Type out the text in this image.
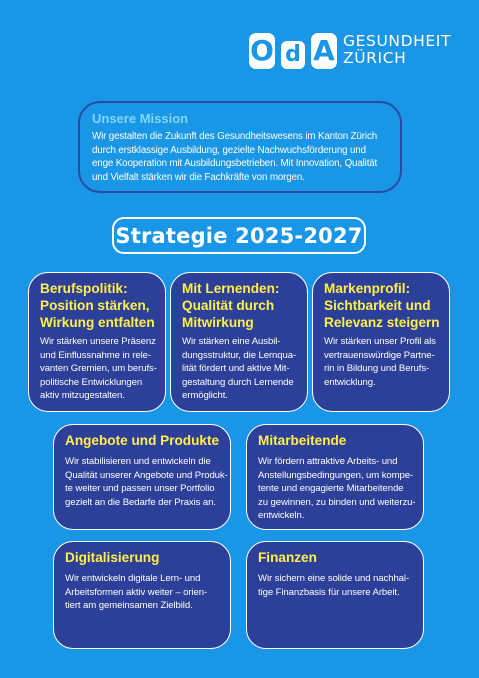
O d A GESUNDHEIT
ZÜRICH
Unsere Mission
Wir gestalten die Zukunft des Gesundheitswesens im Kanton Zürich
durch erstklassige Ausbildung, gezielte Nachwuchsförderung und
enge Kooperation mit Ausbildungsbetrieben. Mit Innovation, Qualität
und Vielfalt stärken wir die Fachkräfte von morgen.
Strategie 2025-2027
Berufspolitik:
Position stärken,
Wirkung entfalten
Wir stärken unsere Präsenz
und Einflussnahme in rele-
vanten Gremien, um berufs-
politische Entwicklungen
aktiv mitzugestalten.
Mit Lernenden:
Qualität durch
Mitwirkung
Wir stärken eine Ausbil-
dungsstruktur, die Lernqua-
lität fördert und aktive Mit-
gestaltung durch Lernende
ermöglicht.
Markenprofil:
Sichtbarkeit und
Relevanz steigern
Wir stärken unser Profil als
vertrauenswürdige Partne-
rin in Bildung und Berufs-
entwicklung.
Angebote und Produkte
Wir stabilisieren und entwickeln die
Qualität unserer Angebote und Produk-
te weiter und passen unser Portfolio
gezielt an die Bedarfe der Praxis an.
Mitarbeitende
Wir fördern attraktive Arbeits- und
Anstellungsbedingungen, um kompe-
tente und engagierte Mitarbeitende
zu gewinnen, zu binden und weiterzu-
entwickeln.
Digitalisierung
Wir entwickeln digitale Lern- und
Arbeitsformen aktiv weiter – orien-
tiert am gemeinsamen Zielbild.
Finanzen
Wir sichern eine solide und nachhal-
tige Finanzbasis für unsere Arbeit.
